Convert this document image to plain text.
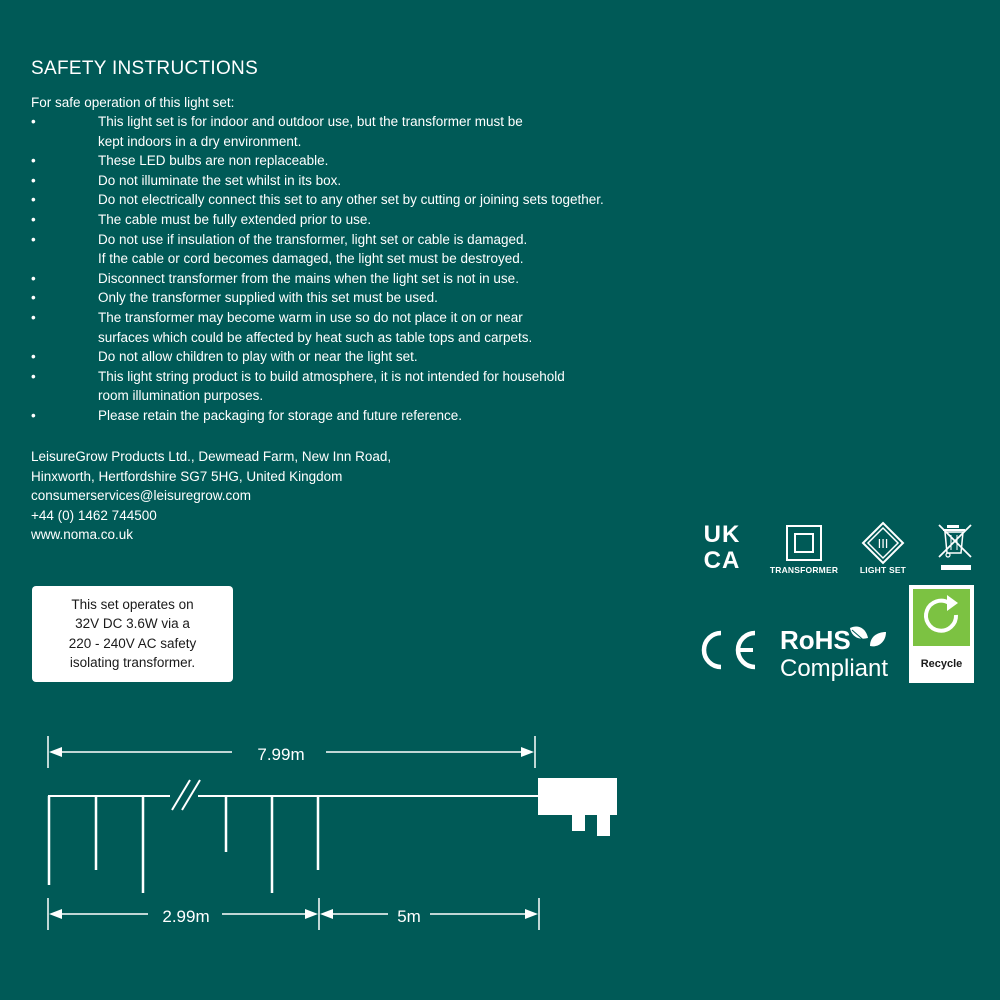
SAFETY INSTRUCTIONS
For safe operation of this light set:
•	This light set is for indoor and outdoor use, but the transformer must be
kept indoors in a dry environment.
•	These LED bulbs are non replaceable.
•	Do not illuminate the set whilst in its box.
•	Do not electrically connect this set to any other set by cutting or joining sets together.
•	The cable must be fully extended prior to use.
•	Do not use if insulation of the transformer, light set or cable is damaged.
If the cable or cord becomes damaged, the light set must be destroyed.
•	Disconnect transformer from the mains when the light set is not in use.
•	Only the transformer supplied with this set must be used.
•	The transformer may become warm in use so do not place it on or near
surfaces which could be affected by heat such as table tops and carpets.
•	Do not allow children to play with or near the light set.
•	This light string product is to build atmosphere, it is not intended for household
room illumination purposes.
•	Please retain the packaging for storage and future reference.
LeisureGrow Products Ltd., Dewmead Farm, New Inn Road,
Hinxworth, Hertfordshire SG7 5HG, United Kingdom
consumerservices@leisuregrow.com
+44 (0) 1462 744500
www.noma.co.uk
This set operates on
32V DC 3.6W via a
220 - 240V AC safety
isolating transformer.
UK
CA	TRANSFORMER
III
LIGHT SET
RoHS
Compliant	Recycle
7.99m
2.99m	5m
